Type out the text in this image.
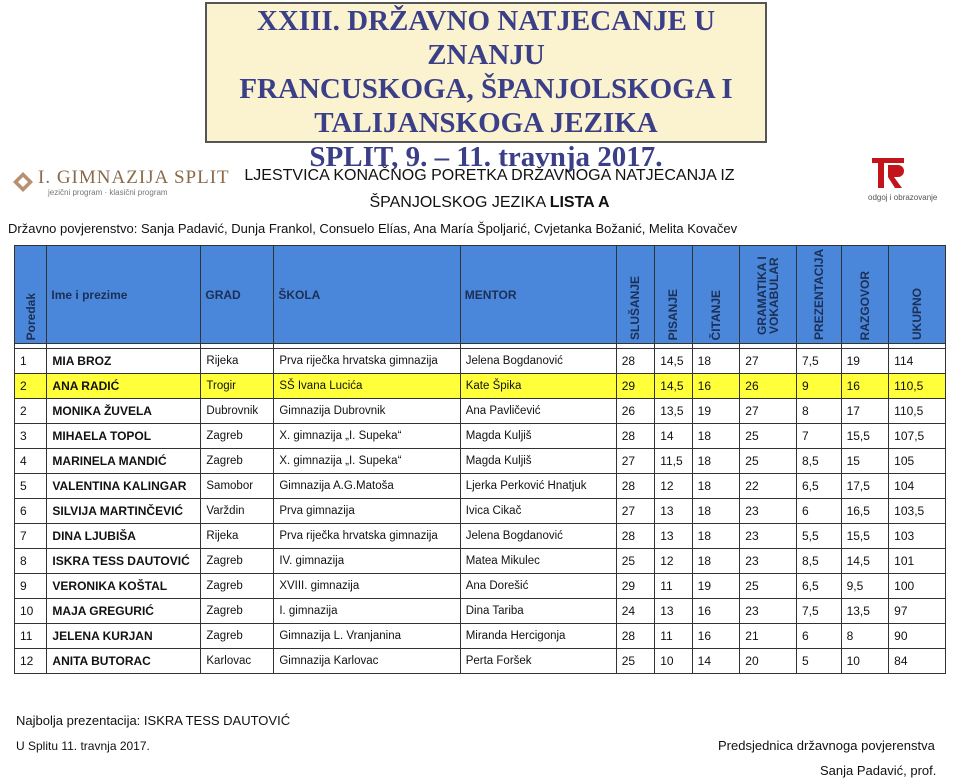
XXIII. DRŽAVNO NATJECANJE U ZNANJU
FRANCUSKOGA, ŠPANJOLSKOGA I
TALIJANSKOGA JEZIKA
SPLIT, 9. – 11. travnja 2017.
I. GIMNAZIJA SPLIT
jezični program · klasični program
odgoj i obrazovanje
LJESTVICA KONAČNOG PORETKA DRŽAVNOGA NATJECANJA IZ
ŠPANJOLSKOG JEZIKA LISTA A
Državno povjerenstvo: Sanja Padavić, Dunja Frankol, Consuelo Elías, Ana María Špoljarić, Cvjetanka Božanić, Melita Kovačev
Poredak	Ime i prezime	GRAD	ŠKOLA	MENTOR	SLUŠANJE	PISANJE	ČITANJE	GRAMATIKA I VOKABULAR	PREZENTACIJA	RAZGOVOR	UKUPNO

1	MIA BROZ	Rijeka	Prva riječka hrvatska gimnazija	Jelena Bogdanović	28	14,5	18	27	7,5	19	114
2	ANA RADIĆ	Trogir	SŠ Ivana Lucića	Kate Špika	29	14,5	16	26	9	16	110,5
2	MONIKA ŽUVELA	Dubrovnik	Gimnazija Dubrovnik	Ana Pavličević	26	13,5	19	27	8	17	110,5
3	MIHAELA TOPOL	Zagreb	X. gimnazija „I. Supeka“	Magda Kuljiš	28	14	18	25	7	15,5	107,5
4	MARINELA MANDIĆ	Zagreb	X. gimnazija „I. Supeka“	Magda Kuljiš	27	11,5	18	25	8,5	15	105
5	VALENTINA KALINGAR	Samobor	Gimnazija A.G.Matoša	Ljerka Perković Hnatjuk	28	12	18	22	6,5	17,5	104
6	SILVIJA MARTINČEVIĆ	Varždin	Prva gimnazija	Ivica Cikač	27	13	18	23	6	16,5	103,5
7	DINA LJUBIŠA	Rijeka	Prva riječka hrvatska gimnazija	Jelena Bogdanović	28	13	18	23	5,5	15,5	103
8	ISKRA TESS DAUTOVIĆ	Zagreb	IV. gimnazija	Matea Mikulec	25	12	18	23	8,5	14,5	101
9	VERONIKA KOŠTAL	Zagreb	XVIII. gimnazija	Ana Dorešić	29	11	19	25	6,5	9,5	100
10	MAJA GREGURIĆ	Zagreb	I. gimnazija	Dina Tariba	24	13	16	23	7,5	13,5	97
11	JELENA KURJAN	Zagreb	Gimnazija L. Vranjanina	Miranda Hercigonja	28	11	16	21	6	8	90
12	ANITA BUTORAC	Karlovac	Gimnazija Karlovac	Perta Foršek	25	10	14	20	5	10	84
Najbolja prezentacija: ISKRA TESS DAUTOVIĆ
U Splitu 11. travnja 2017.	Predsjednica državnoga povjerenstva
Sanja Padavić, prof.
